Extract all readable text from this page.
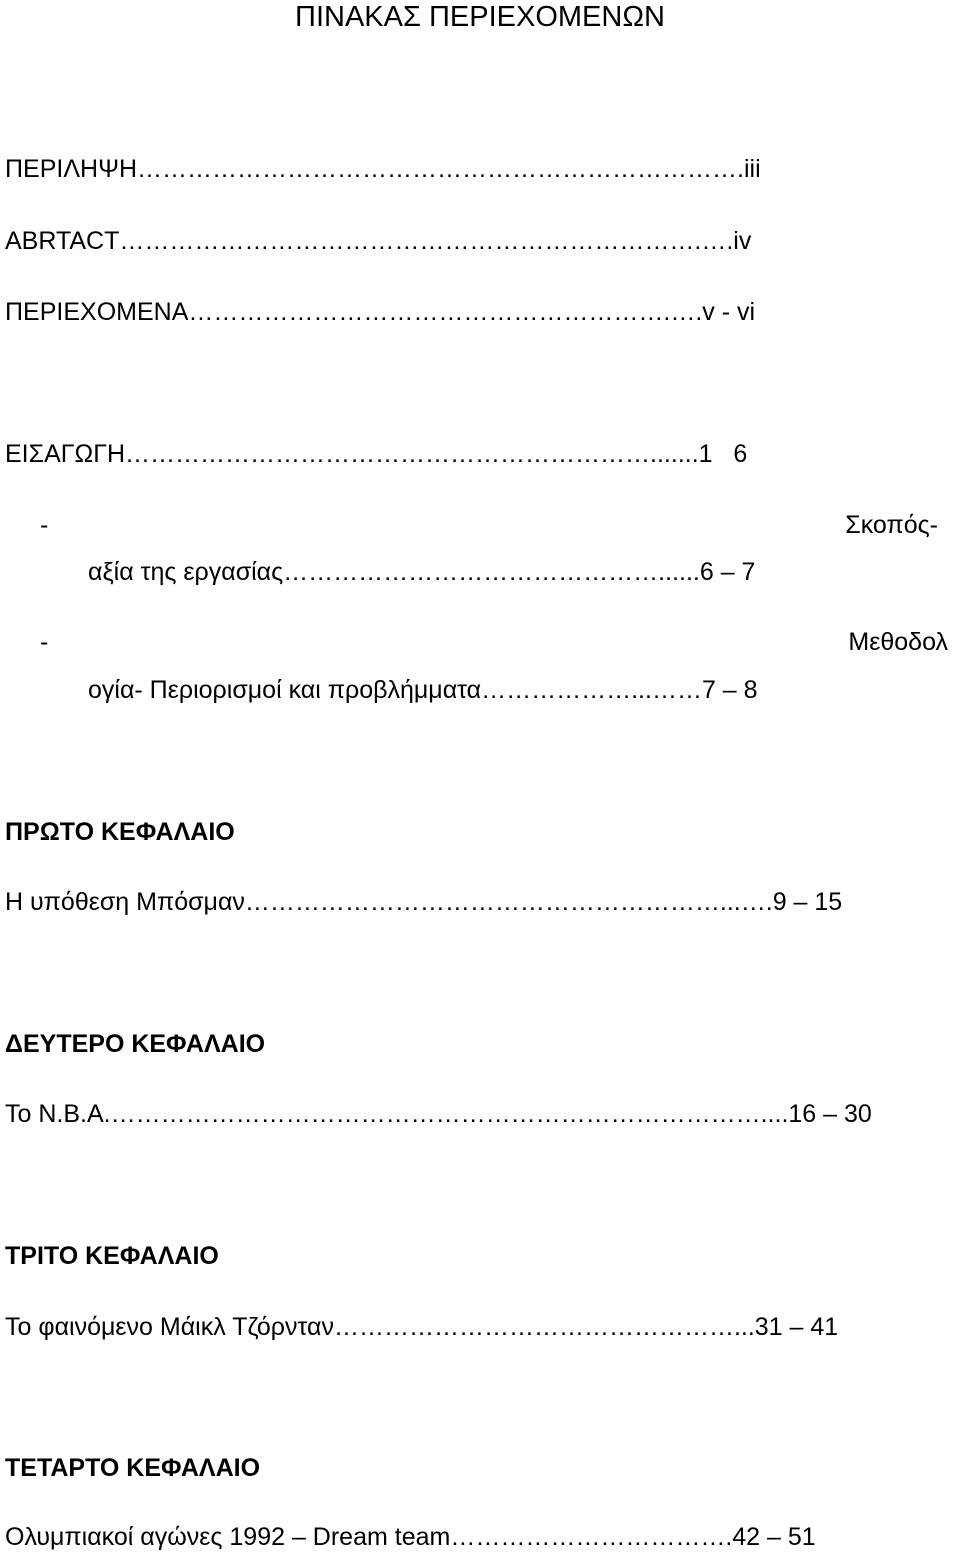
ΠΙΝΑΚΑΣ ΠΕΡΙΕΧΟΜΕΝΩΝ
ΠΕΡΙΛΗΨΗ……………………………………………………………….iii
ABRTACT…………………………………………………………….….iv
ΠΕΡΙΕΧΟΜΕΝΑ………………………………………………….….v - vi
ΕΙΣΑΓΩΓΗ……………………………………………………….......1   6
-	Σκοπός-
αξία της εργασίας………………………………………......6 – 7
-	Μεθοδολ
ογία- Περιορισμοί και προβλήμματα………………...……7 – 8
ΠΡΩΤΟ ΚΕΦΑΛΑΙΟ
Η υπόθεση Μπόσμαν…………………………………………………...….9 – 15
ΔΕΥΤΕΡΟ ΚΕΦΑΛΑΙΟ
Το Ν.Β.Α.……………………………………………………………………....16 – 30
ΤΡΙΤΟ ΚΕΦΑΛΑΙΟ
Το φαινόμενο Μάικλ Τζόρνταν…………………………………………...31 – 41
ΤΕΤΑΡΤΟ ΚΕΦΑΛΑΙΟ
Ολυμπιακοί αγώνες 1992 – Dream team…………………………….42 – 51
